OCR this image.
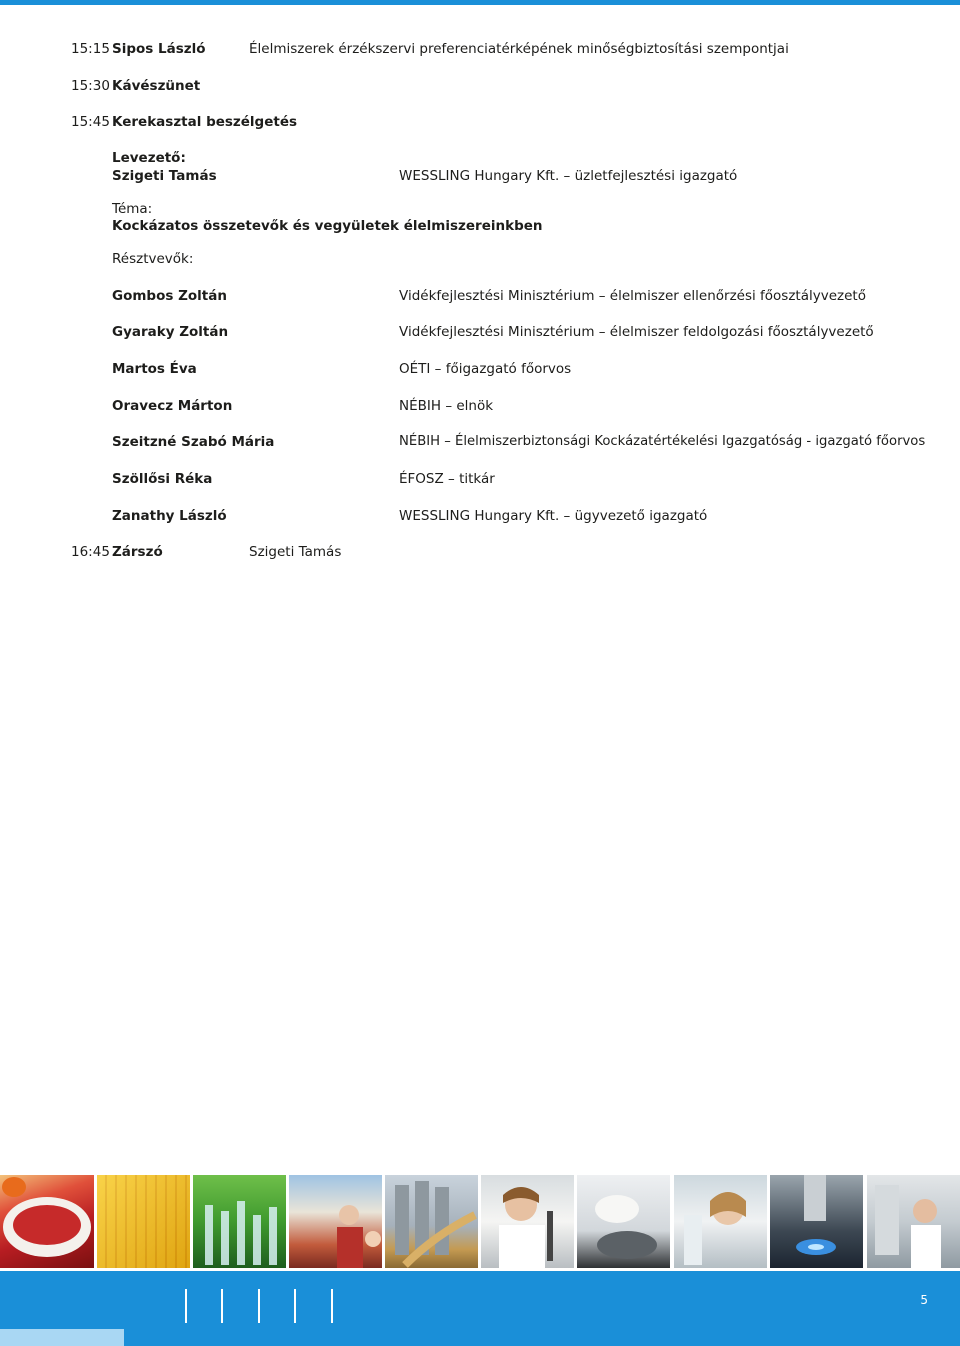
15:15 Sipos László	Élelmiszerek érzékszervi preferenciatérképének minőségbiztosítási szempontjai
15:30 Kávészünet
15:45 Kerekasztal beszélgetés
Levezető:
Szigeti Tamás	WESSLING Hungary Kft. – üzletfejlesztési igazgató
Téma:
Kockázatos összetevők és vegyületek élelmiszereinkben
Résztvevők:
Gombos Zoltán	Vidékfejlesztési Minisztérium – élelmiszer ellenőrzési főosztályvezető
Gyaraky Zoltán	Vidékfejlesztési Minisztérium – élelmiszer feldolgozási főosztályvezető
Martos Éva	OÉTI – főigazgató főorvos
Oravecz Márton	NÉBIH – elnök
Szeitzné Szabó Mária	NÉBIH – Élelmiszerbiztonsági Kockázatértékelési Igazgatóság - igazgató főorvos
Szöllősi Réka	ÉFOSZ – titkár
Zanathy László	WESSLING Hungary Kft. – ügyvezető igazgató
16:45 Zárszó	Szigeti Tamás
5
